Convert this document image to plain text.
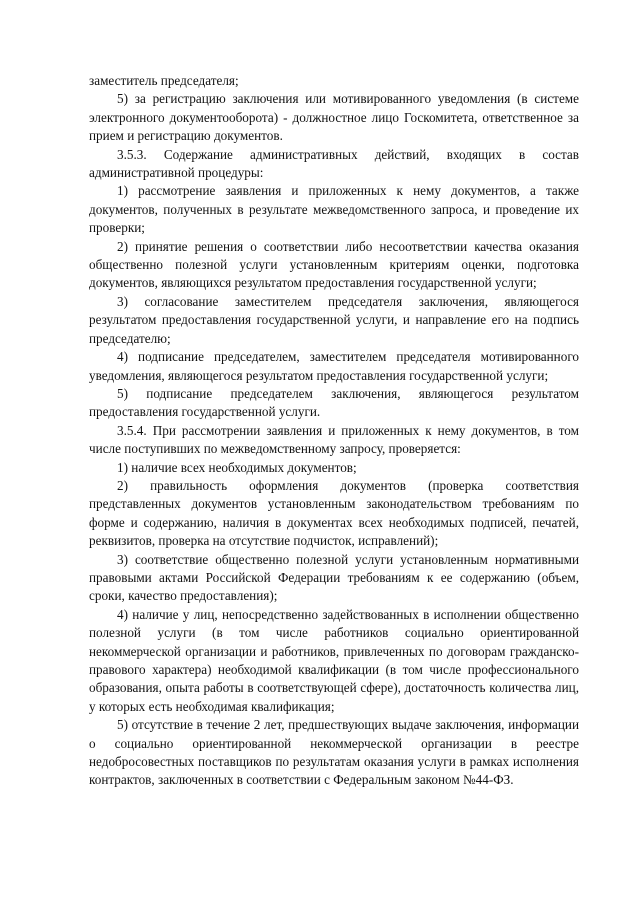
заместитель председателя;

5) за регистрацию заключения или мотивированного уведомления (в системе электронного документооборота) - должностное лицо Госкомитета, ответственное за прием и регистрацию документов.

3.5.3. Содержание административных действий, входящих в состав административной процедуры:

1) рассмотрение заявления и приложенных к нему документов, а также документов, полученных в результате межведомственного запроса, и проведение их проверки;

2) принятие решения о соответствии либо несоответствии качества оказания общественно полезной услуги установленным критериям оценки, подготовка документов, являющихся результатом предоставления государственной услуги;

3) согласование заместителем председателя заключения, являющегося результатом предоставления государственной услуги, и направление его на подпись председателю;

4) подписание председателем, заместителем председателя мотивированного уведомления, являющегося результатом предоставления государственной услуги;

5) подписание председателем заключения, являющегося результатом предоставления государственной услуги.

3.5.4. При рассмотрении заявления и приложенных к нему документов, в том числе поступивших по межведомственному запросу, проверяется:

1) наличие всех необходимых документов;

2) правильность оформления документов (проверка соответствия представленных документов установленным законодательством требованиям по форме и содержанию, наличия в документах всех необходимых подписей, печатей, реквизитов, проверка на отсутствие подчисток, исправлений);

3) соответствие общественно полезной услуги установленным нормативными правовыми актами Российской Федерации требованиям к ее содержанию (объем, сроки, качество предоставления);

4) наличие у лиц, непосредственно задействованных в исполнении общественно полезной услуги (в том числе работников социально ориентированной некоммерческой организации и работников, привлеченных по договорам гражданско-правового характера) необходимой квалификации (в том числе профессионального образования, опыта работы в соответствующей сфере), достаточность количества лиц, у которых есть необходимая квалификация;

5) отсутствие в течение 2 лет, предшествующих выдаче заключения, информации о социально ориентированной некоммерческой организации в реестре недобросовестных поставщиков по результатам оказания услуги в рамках исполнения контрактов, заключенных в соответствии с Федеральным законом №44-ФЗ.
